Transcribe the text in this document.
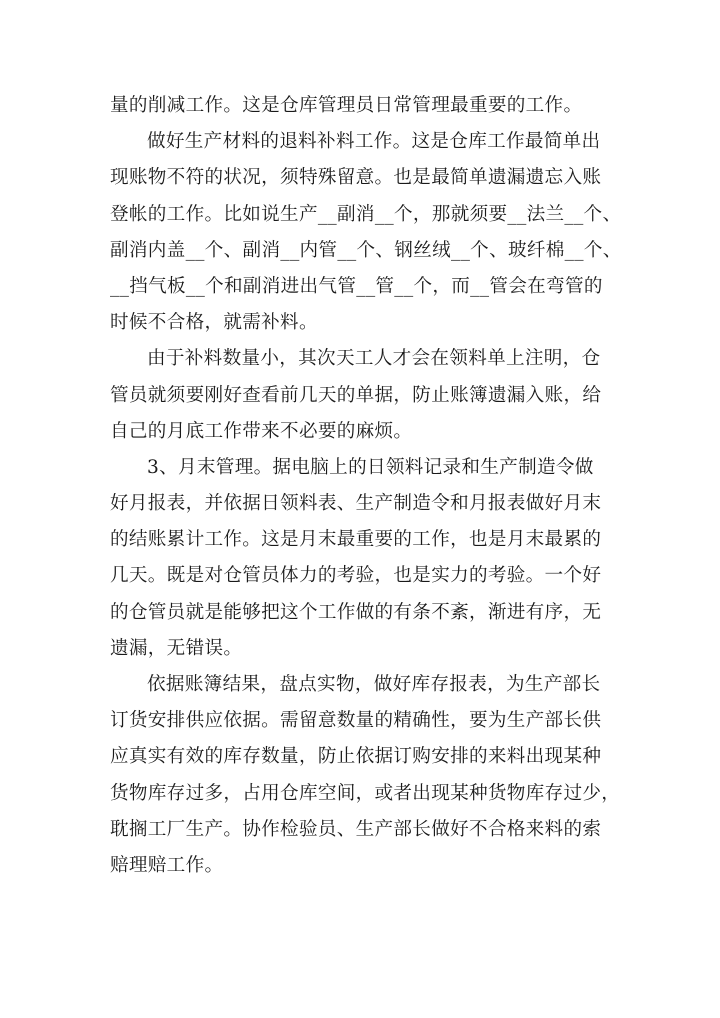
量的削减工作。这是仓库管理员日常管理最重要的工作。
做好生产材料的退料补料工作。这是仓库工作最简单出
现账物不符的状况，须特殊留意。也是最简单遗漏遗忘入账
登帐的工作。比如说生产__副消__个，那就须要__法兰__个、
副消内盖__个、副消__内管__个、钢丝绒__个、玻纤棉__个、
__挡气板__个和副消进出气管__管__个，而__管会在弯管的
时候不合格，就需补料。
由于补料数量小，其次天工人才会在领料单上注明，仓
管员就须要刚好查看前几天的单据，防止账簿遗漏入账，给
自己的月底工作带来不必要的麻烦。
3、月末管理。据电脑上的日领料记录和生产制造令做
好月报表，并依据日领料表、生产制造令和月报表做好月末
的结账累计工作。这是月末最重要的工作，也是月末最累的
几天。既是对仓管员体力的考验，也是实力的考验。一个好
的仓管员就是能够把这个工作做的有条不紊，渐进有序，无
遗漏，无错误。
依据账簿结果，盘点实物，做好库存报表，为生产部长
订货安排供应依据。需留意数量的精确性，要为生产部长供
应真实有效的库存数量，防止依据订购安排的来料出现某种
货物库存过多，占用仓库空间，或者出现某种货物库存过少，
耽搁工厂生产。协作检验员、生产部长做好不合格来料的索
赔理赔工作。
